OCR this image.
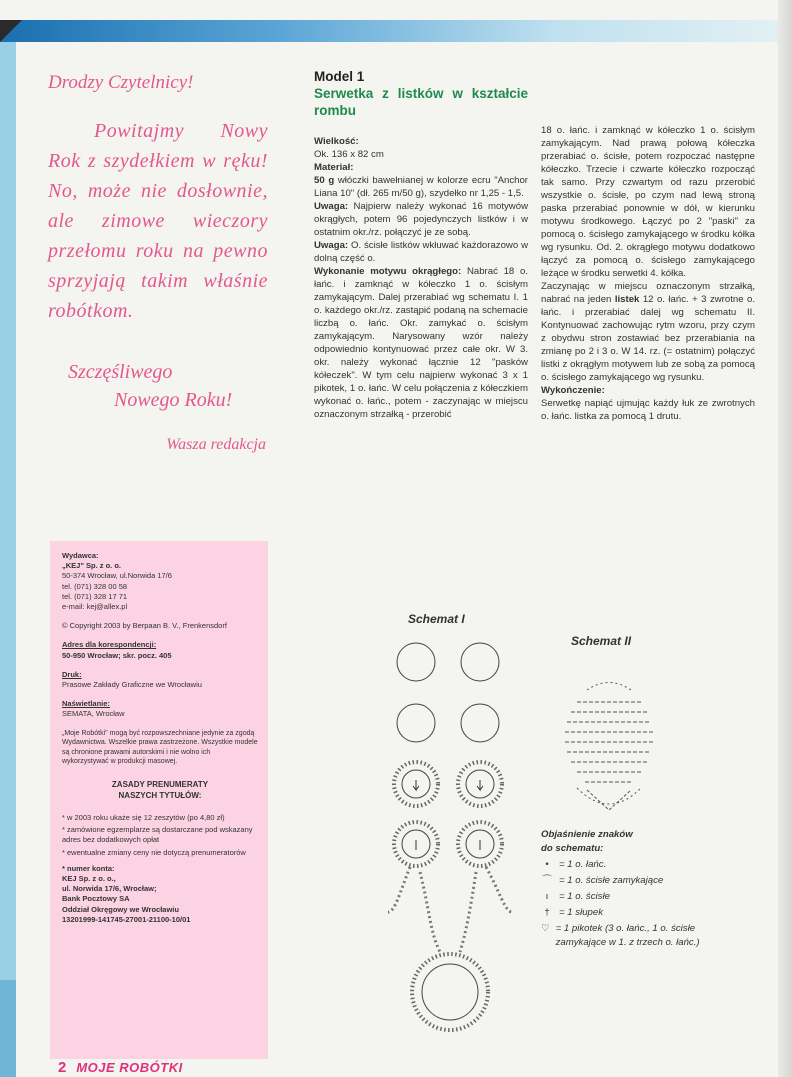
Drodzy Czytelnicy!

Powitajmy Nowy Rok z szydełkiem w ręku! No, może nie dosłownie, ale zimowe wieczory przełomu roku na pewno sprzyjają takim właśnie robótkom.

Szczęśliwego
Nowego Roku!
Wasza redakcja

Wydawca:
„KEJ" Sp. z o. o.
50-374 Wrocław, ul.Norwida 17/6
tel. (071) 328 00 58
tel. (071) 328 17 71
e-mail: kej@allex.pl

© Copyright 2003 by Berpaan B. V., Frenkensdorf

Adres dla korespondencji:
50-950 Wrocław; skr. pocz. 405

Druk:
Prasowe Zakłady Graficzne we Wrocławiu

Naświetlanie:
SEMATA, Wrocław

„Moje Robótki" mogą być rozpowszechniane jedynie za zgodą Wydawnictwa. Wszelkie prawa zastrzeżone. Wszystkie modele są chronione prawami autorskimi i nie wolno ich wykorzystywać w produkcji masowej.

ZASADY PRENUMERATY
NASZYCH TYTUŁÓW:
* w 2003 roku ukaże się 12 zeszytów (po 4,80 zł)
* zamówione egzemplarze są dostarczane pod wskazany adres bez dodatkowych opłat
* ewentualne zmiany ceny nie dotyczą prenumeratorów
* numer konta:
KEJ Sp. z o. o.,
ul. Norwida 17/6, Wrocław;
Bank Pocztowy SA
Oddział Okręgowy we Wrocławiu
13201999-141745-27001-21100-10/01
2 MOJE ROBÓTKI
Model 1
Serwetka z listków w kształcie rombu

Wielkość:

Ok. 136 x 82 cm

Materiał:

50 g włóczki bawełnianej w kolorze ecru "Anchor Liana 10" (dł. 265 m/50 g), szydełko nr 1,25 - 1,5.

Uwaga: Najpierw należy wykonać 16 motywów okrągłych, potem 96 pojedynczych listków i w ostatnim okr./rz. połączyć je ze sobą.

Uwaga: O. ścisłe listków wkłuwać każdorazowo w dolną część o.

Wykonanie motywu okrągłego: Nabrać 18 o. łańc. i zamknąć w kółeczko 1 o. ścisłym zamykającym. Dalej przerabiać wg schematu I. 1 o. każdego okr./rz. zastąpić podaną na schemacie liczbą o. łańc. Okr. zamykać o. ścisłym zamykającym. Narysowany wzór należy odpowiednio kontynuować przez całe okr. W 3. okr. należy wykonać łącznie 12 "pasków kółeczek". W tym celu najpierw wykonać 3 x 1 pikotek, 1 o. łańc. W celu połączenia z kółeczkiem wykonać o. łańc., potem - zaczynając w miejscu oznaczonym strzałką - przerobić

18 o. łańc. i zamknąć w kółeczko 1 o. ścisłym zamykającym. Nad prawą połową kółeczka przerabiać o. ścisłe, potem rozpoczać następne kółeczko. Trzecie i czwarte kółeczko rozpocząć tak samo. Przy czwartym od razu przerobić wszystkie o. ścisłe, po czym nad lewą stroną paska przerabiać ponownie w dół, w kierunku motywu środkowego. Łączyć po 2 "paski" za pomocą o. ścisłego zamykającego w środku kółka wg rysunku. Od. 2. okrągłego motywu dodatkowo łączyć za pomocą o. ścisłego zamykającego leżące w środku serwetki 4. kółka.

Zaczynając w miejscu oznaczonym strzałką, nabrać na jeden listek 12 o. łańc. + 3 zwrotne o. łańc. i przerabiać dalej wg schematu II. Kontynuować zachowując rytm wzoru, przy czym z obydwu stron zostawiać bez przerabiania na zmianę po 2 i 3 o. W 14. rz. (= ostatnim) połączyć listki z okrągłym motywem lub ze sobą za pomocą o. ścisłego zamykającego wg rysunku.

Wykończenie:

Serwetkę napiąć ujmując każdy łuk ze zwrotnych o. łańc. listka za pomocą 1 drutu.

Schemat I
Schemat II
Objaśnienie znaków
do schematu:
•	= 1 o. łańc.
⌒ = 1 o. ścisłe zamykające
ı	= 1 o. ścisłe
† = 1 słupek
♡ = 1 pikotek (3 o. łańc., 1 o. ścisłe zamykające w 1. z trzech o. łańc.)
